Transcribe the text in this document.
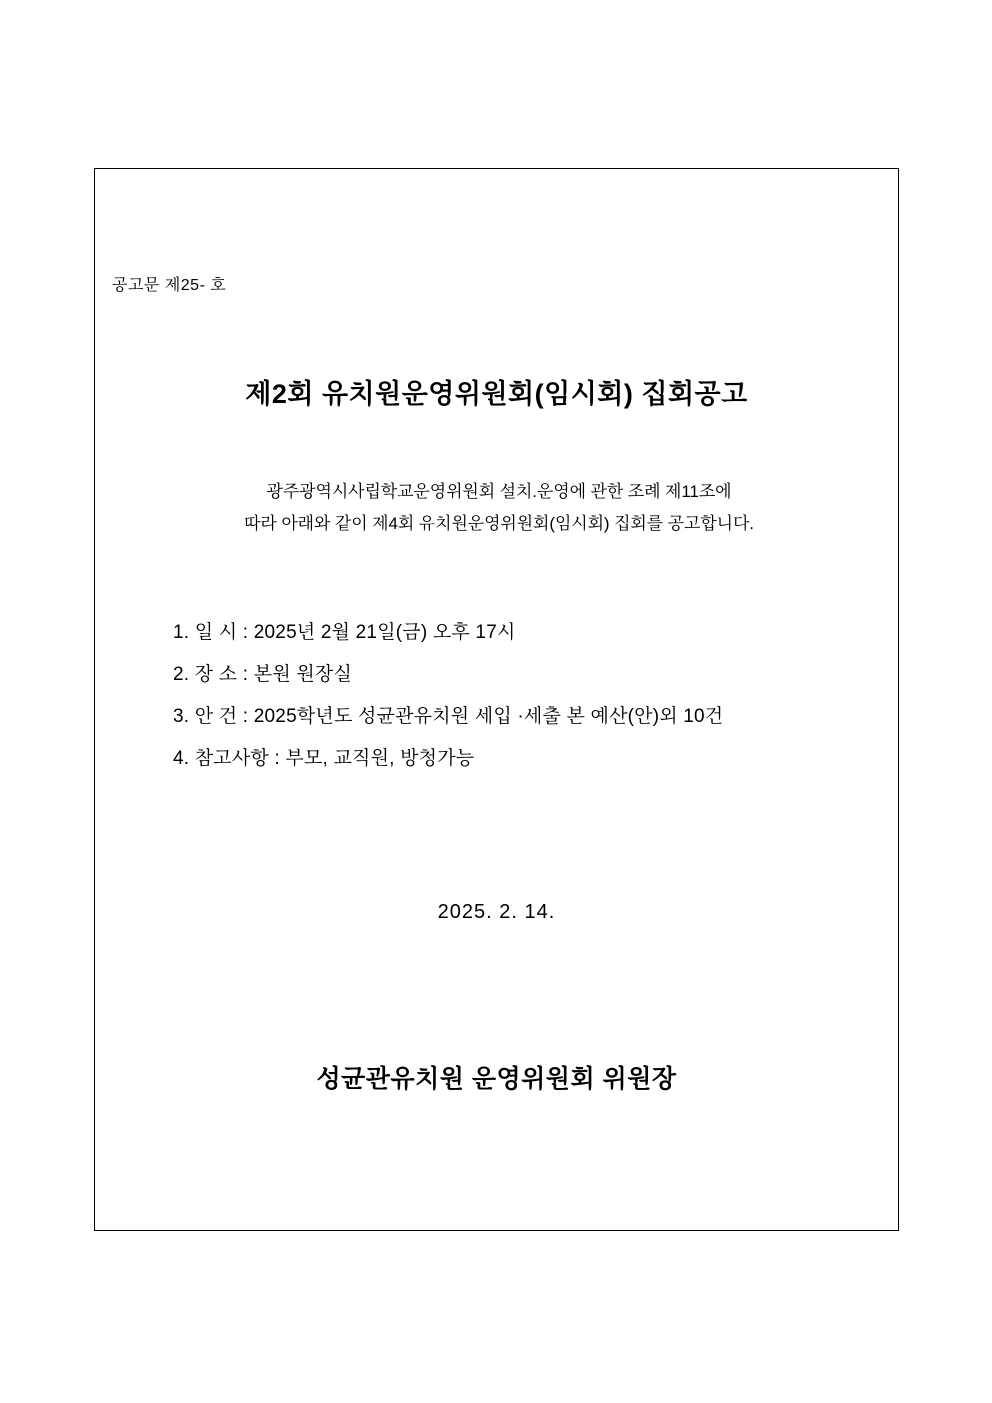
공고문 제25- 호
제2회 유치원운영위원회(임시회) 집회공고
광주광역시사립학교운영위원회 설치.운영에 관한 조례 제11조에
따라 아래와 같이 제4회 유치원운영위원회(임시회) 집회를 공고합니다.
1. 일 시 : 2025년 2월 21일(금) 오후 17시
2. 장 소 : 본원 원장실
3. 안 건 : 2025학년도 성균관유치원 세입 ·세출 본 예산(안)외 10건
4. 참고사항 : 부모, 교직원, 방청가능
2025. 2. 14.
성균관유치원 운영위원회 위원장
